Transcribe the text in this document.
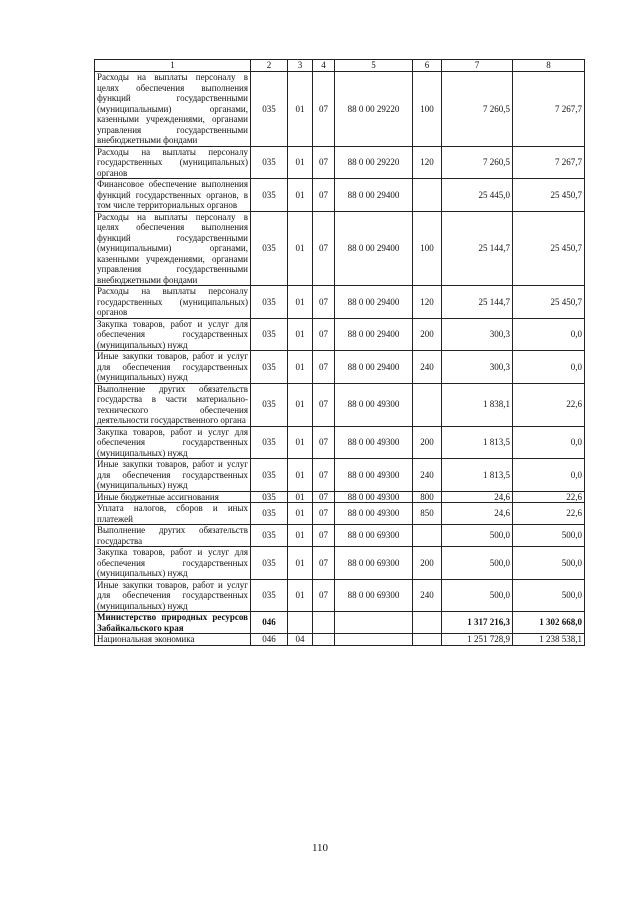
1	2	3	4	5	6	7	8
Расходы на выплаты персоналу в целях обеспечения выполнения функций государственными (муниципальными) органами, казенными учреждениями, органами управления государственными внебюджетными фондами	035	01	07	88 0 00 29220	100	7 260,5	7 267,7
Расходы на выплаты персоналу государственных (муниципальных) органов	035	01	07	88 0 00 29220	120	7 260,5	7 267,7
Финансовое обеспечение выполнения функций государственных органов, в том числе территориальных органов	035	01	07	88 0 00 29400		25 445,0	25 450,7
Расходы на выплаты персоналу в целях обеспечения выполнения функций государственными (муниципальными) органами, казенными учреждениями, органами управления государственными внебюджетными фондами	035	01	07	88 0 00 29400	100	25 144,7	25 450,7
Расходы на выплаты персоналу государственных (муниципальных) органов	035	01	07	88 0 00 29400	120	25 144,7	25 450,7
Закупка товаров, работ и услуг для обеспечения государственных (муниципальных) нужд	035	01	07	88 0 00 29400	200	300,3	0,0
Иные закупки товаров, работ и услуг для обеспечения государственных (муниципальных) нужд	035	01	07	88 0 00 29400	240	300,3	0,0
Выполнение других обязательств государства в части материально-технического обеспечения деятельности государственного органа	035	01	07	88 0 00 49300		1 838,1	22,6
Закупка товаров, работ и услуг для обеспечения государственных (муниципальных) нужд	035	01	07	88 0 00 49300	200	1 813,5	0,0
Иные закупки товаров, работ и услуг для обеспечения государственных (муниципальных) нужд	035	01	07	88 0 00 49300	240	1 813,5	0,0
Иные бюджетные ассигнования	035	01	07	88 0 00 49300	800	24,6	22,6
Уплата налогов, сборов и иных платежей	035	01	07	88 0 00 49300	850	24,6	22,6
Выполнение других обязательств государства	035	01	07	88 0 00 69300		500,0	500,0
Закупка товаров, работ и услуг для обеспечения государственных (муниципальных) нужд	035	01	07	88 0 00 69300	200	500,0	500,0
Иные закупки товаров, работ и услуг для обеспечения государственных (муниципальных) нужд	035	01	07	88 0 00 69300	240	500,0	500,0
Министерство природных ресурсов Забайкальского края	046					1 317 216,3	1 302 668,0
Национальная экономика	046	04				1 251 728,9	1 238 538,1
110
